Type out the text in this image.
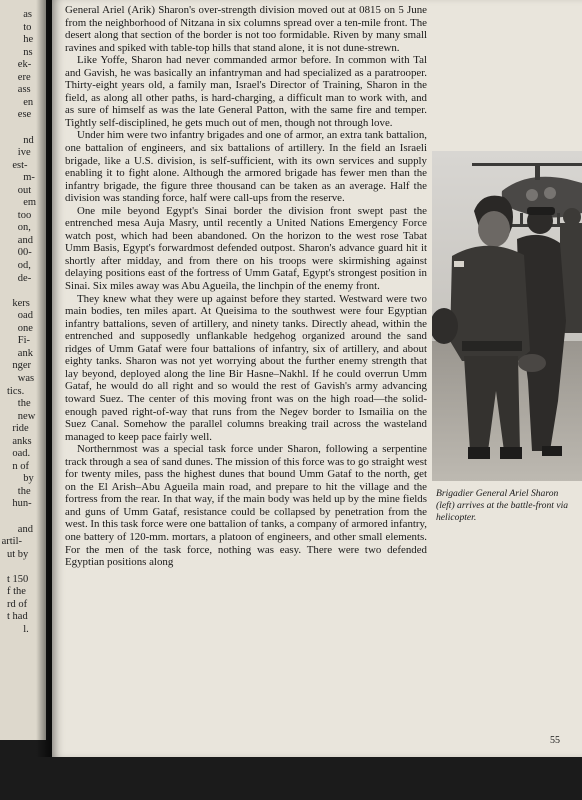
as
to
he
ns
ek-
ere
ass
en
ese
nd
ive
est-
m-
out
em
too
on,
and
00-
od,
de-
kers
oad
one
Fi-
ank
nger
was
tics.
the
new
ride
anks
oad.
n of
by
the
hun-
and
artil-
ut by
t 150
f the
rd of
t had
l.

General Ariel (Arik) Sharon's over-strength division moved out at 0815 on 5 June from the neighborhood of Nitzana in six columns spread over a ten-mile front. The desert along that section of the border is not too formidable. Riven by many small ravines and spiked with table-top hills that stand alone, it is not dune-strewn.

Like Yoffe, Sharon had never commanded armor before. In common with Tal and Gavish, he was basically an infantryman and had specialized as a paratrooper. Thirty-eight years old, a family man, Israel's Director of Training, Sharon in the field, as along all other paths, is hard-charging, a difficult man to work with, and as sure of himself as was the late General Patton, with the same fire and temper. Tightly self-disciplined, he gets much out of men, though not through love.

Under him were two infantry brigades and one of armor, an extra tank battalion, one battalion of engineers, and six battalions of artillery. In the field an Israeli brigade, like a U.S. division, is self-sufficient, with its own services and supply enabling it to fight alone. Although the armored brigade has fewer men than the infantry brigade, the figure three thousand can be taken as an average. Half the division was standing force, half were call-ups from the reserve.

One mile beyond Egypt's Sinai border the division front swept past the entrenched mesa Auja Masry, until recently a United Nations Emergency Force watch post, which had been abandoned. On the horizon to the west rose Tabat Umm Basis, Egypt's forwardmost defended outpost. Sharon's advance guard hit it shortly after midday, and from there on his troops were skirmishing against delaying positions east of the fortress of Umm Gataf, Egypt's strongest position in Sinai. Six miles away was Abu Agueila, the linchpin of the enemy front.

They knew what they were up against before they started. Westward were two main bodies, ten miles apart. At Queisima to the southwest were four Egyptian infantry battalions, seven of artillery, and ninety tanks. Directly ahead, within the entrenched and supposedly unflankable hedgehog organized around the sand ridges of Umm Gataf were four battalions of infantry, six of artillery, and about eighty tanks. Sharon was not yet worrying about the further enemy strength that lay beyond, deployed along the line Bir Hasne–Nakhl. If he could overrun Umm Gataf, he would do all right and so would the rest of Gavish's army advancing toward Suez. The center of this moving front was on the high road—the solid-enough paved right-of-way that runs from the Negev border to Ismailia on the Suez Canal. Somehow the parallel columns breaking trail across the wasteland managed to keep pace fairly well.

Northernmost was a special task force under Sharon, following a serpentine track through a sea of sand dunes. The mission of this force was to go straight west for twenty miles, pass the highest dunes that bound Umm Gataf to the north, get on the El Arish–Abu Agueila main road, and prepare to hit the village and the fortress from the rear. In that way, if the main body was held up by the mine fields and guns of Umm Gataf, resistance could be collapsed by penetration from the west. In this task force were one battalion of tanks, a company of armored infantry, one battery of 120-mm. mortars, a platoon of engineers, and other small elements. For the men of the task force, nothing was easy. There were two defended Egyptian positions along

Brigadier General Ariel Sharon (left) arrives at the battle-front via helicopter.
55
